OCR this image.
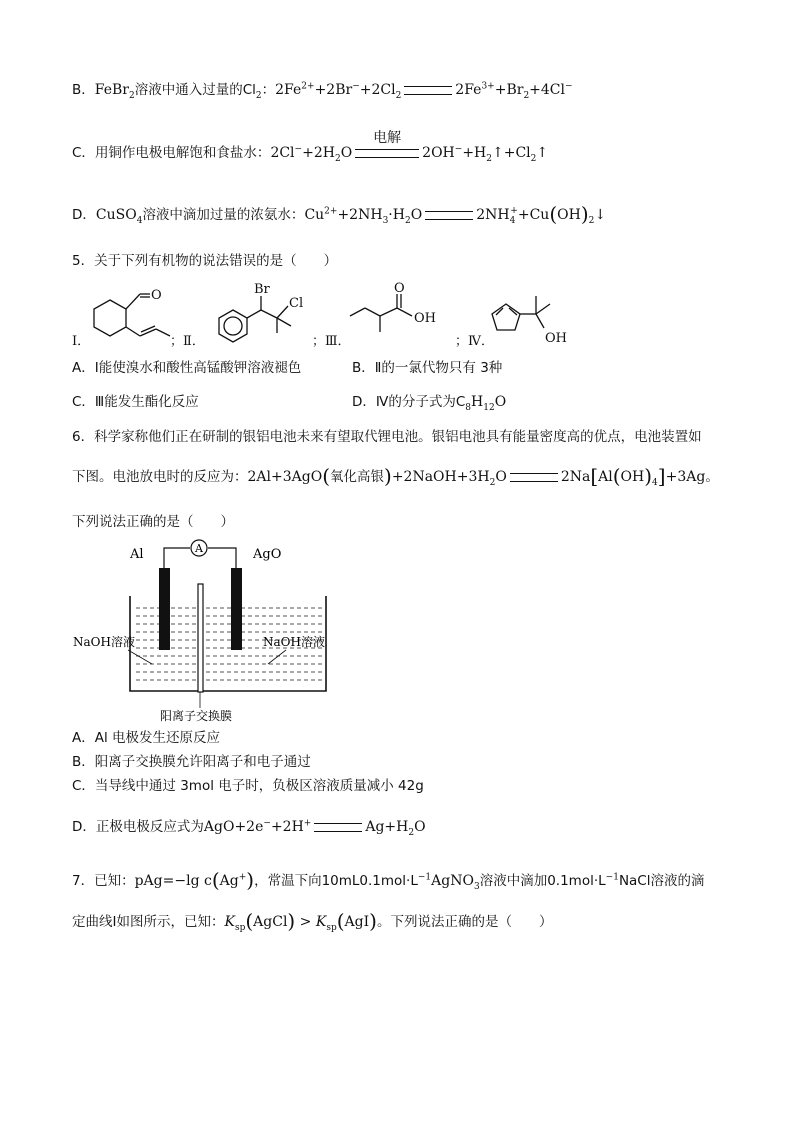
B．FeBr$_2$溶液中通入过量的$Cl_2$：$2Fe^{2+}+2Br^-+2Cl_2$	$2Fe^{3+}+Br_2+4Cl^-$
C．用铜作电极电解饱和食盐水：$2Cl^-+2H_2O$
电解
$2OH^-+H_2↑+Cl_2↑$
D．CuSO$_4$溶液中滴加过量的浓氨水：$Cu^{2+}+2NH_3\cdot H_2O$	$2NH_4^++Cu(OH)_2↓$
5．关于下列有机物的说法错误的是（　　）
O	Br
Cl
O
OH
OH
Ⅰ．	；Ⅱ．	；Ⅲ．	；Ⅳ．
A．Ⅰ能使溴水和酸性高锰酸钾溶液褪色	B．Ⅱ的一氯代物只有 3种
C．Ⅲ能发生酯化反应	D．Ⅳ的分子式为$C_8H_{12}O$
6．科学家称他们正在研制的银铝电池未来有望取代锂电池。银铝电池具有能量密度高的优点，电池装置如
下图。电池放电时的反应为：2Al+3AgO(氧化高银)$+2NaOH+3H_2O$	$2Na[Al(OH)_4]+3Ag$。
下列说法正确的是（　　）
A
Al	AgO
NaOH溶液	NaOH溶液
阳离子交换膜
A．Al 电极发生还原反应
B．阳离子交换膜允许阳离子和电子通过
C．当导线中通过 3mol 电子时，负极区溶液质量减小 42g
D．正极电极反应式为AgO+2e−+2H+	$Ag+H_2O$
7．已知：pAg=−lg c(Ag+)，常温下向$10mL0.1mol\cdot L^{-1}AgNO_3$溶液中滴加$0.1mol\cdot L^{-1}NaCl$溶液的滴
定曲线Ⅰ如图所示，已知：$K_{sp}(AgCl) > K_{sp}(AgI)$。下列说法正确的是（　　）
